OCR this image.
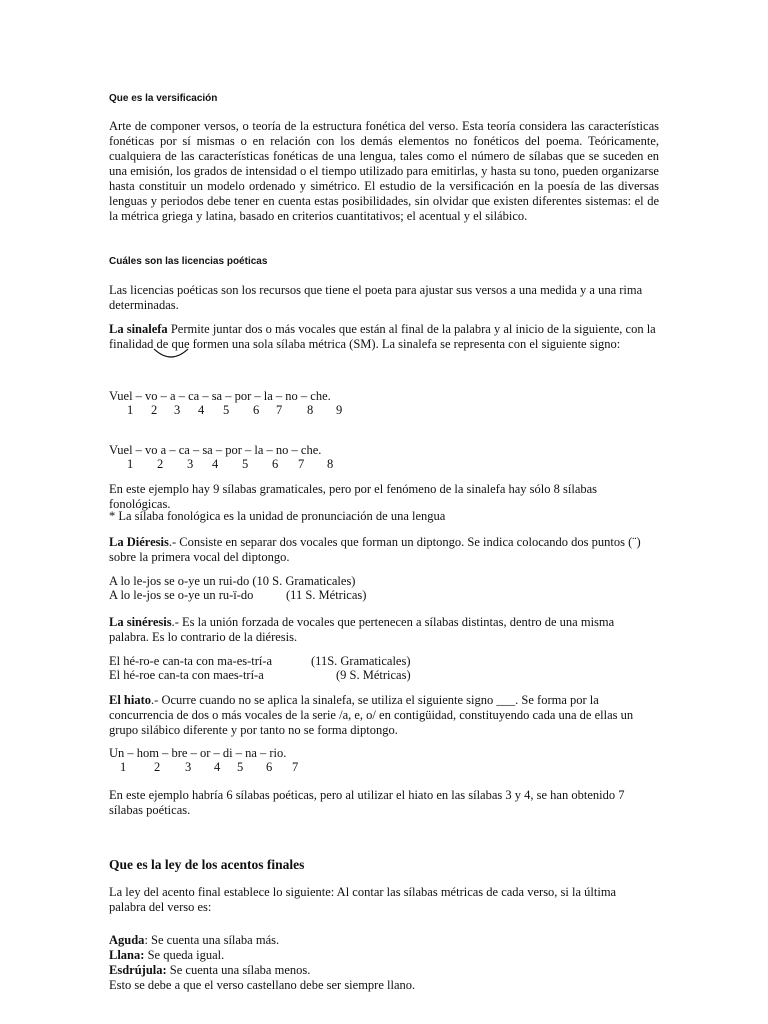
Que es la versificación

Arte de componer versos, o teoría de la estructura fonética del verso. Esta teoría considera las características fonéticas por sí mismas o en relación con los demás elementos no fonéticos del poema. Teóricamente, cualquiera de las características fonéticas de una lengua, tales como el número de sílabas que se suceden en una emisión, los grados de intensidad o el tiempo utilizado para emitirlas, y hasta su tono, pueden organizarse hasta constituir un modelo ordenado y simétrico. El estudio de la versificación en la poesía de las diversas lenguas y periodos debe tener en cuenta estas posibilidades, sin olvidar que existen diferentes sistemas: el de la métrica griega y latina, basado en criterios cuantitativos; el acentual y el silábico.

Cuáles son las licencias poéticas

Las licencias poéticas son los recursos que tiene el poeta para ajustar sus versos a una medida y a una rima determinadas.

La sinalefa Permite juntar dos o más vocales que están al final de la palabra y al inicio de la siguiente, con la finalidad de que formen una sola sílaba métrica (SM). La sinalefa se representa con el siguiente signo:

Vuel – vo – a – ca – sa – por – la – no – che.
1 2 3 4 5 6 7 8 9
Vuel – vo a – ca – sa – por – la – no – che.
1 2 3 4 5 6 7 8

En este ejemplo hay 9 sílabas gramaticales, pero por el fenómeno de la sinalefa hay sólo 8 sílabas fonológicas.

* La sílaba fonológica es la unidad de pronunciación de una lengua

La Diéresis.- Consiste en separar dos vocales que forman un diptongo. Se indica colocando dos puntos (¨) sobre la primera vocal del diptongo.

A lo le-jos se o-ye un rui-do (10 S. Gramaticales)
A lo le-jos se o-ye un ru-ï-do	(11 S. Métricas)

La sinéresis.- Es la unión forzada de vocales que pertenecen a sílabas distintas, dentro de una misma palabra. Es lo contrario de la diéresis.

El hé-ro-e can-ta con ma-es-trí-a	(11S. Gramaticales)
El hé-roe can-ta con maes-trí-a	(9 S. Métricas)

El hiato.- Ocurre cuando no se aplica la sinalefa, se utiliza el siguiente signo ___. Se forma por la concurrencia de dos o más vocales de la serie /a, e, o/ en contigüidad, constituyendo cada una de ellas un grupo silábico diferente y por tanto no se forma diptongo.

Un – hom – bre – or – di – na – rio.
1 2 3 4 5 6 7

En este ejemplo habría 6 sílabas poéticas, pero al utilizar el hiato en las sílabas 3 y 4, se han obtenido 7 sílabas poéticas.

Que es la ley de los acentos finales

La ley del acento final establece lo siguiente: Al contar las sílabas métricas de cada verso, si la última palabra del verso es:

Aguda: Se cuenta una sílaba más.
Llana: Se queda igual.
Esdrújula: Se cuenta una sílaba menos.
Esto se debe a que el verso castellano debe ser siempre llano.
